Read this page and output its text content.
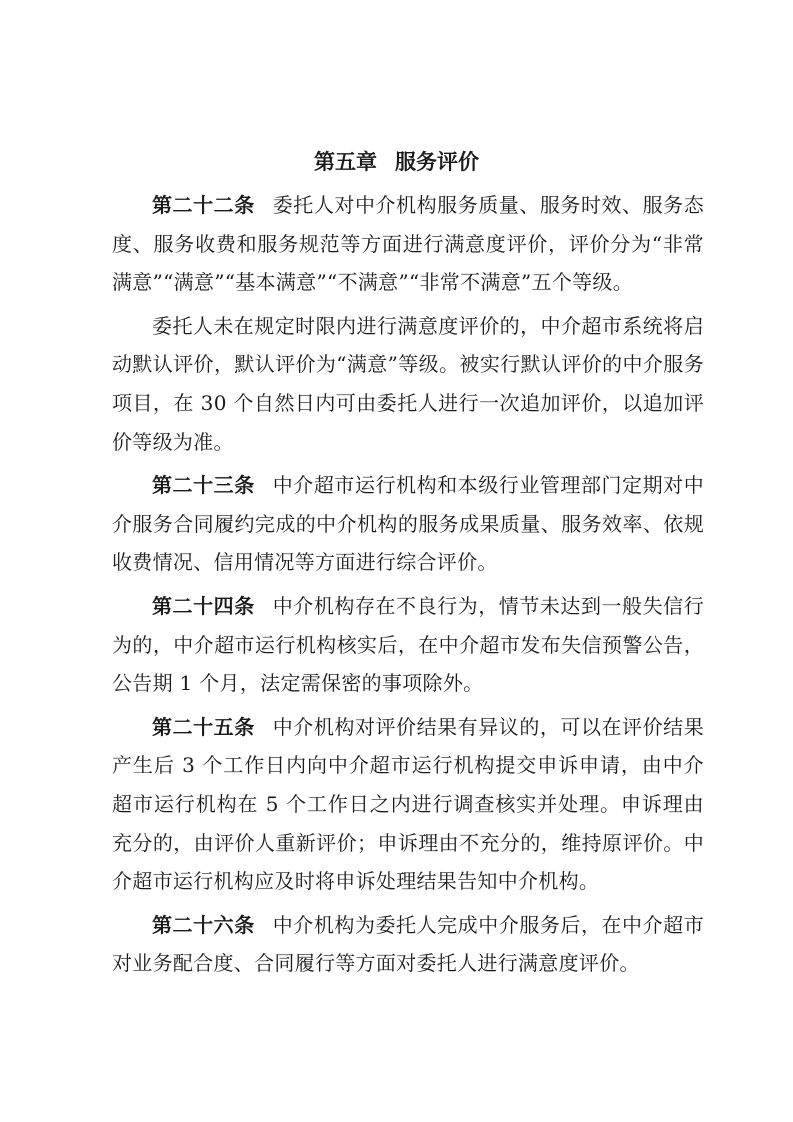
第五章 服务评价

第二十二条 委托人对中介机构服务质量、服务时效、服务态度、服务收费和服务规范等方面进行满意度评价，评价分为“非常满意”“满意”“基本满意”“不满意”“非常不满意”五个等级。

委托人未在规定时限内进行满意度评价的，中介超市系统将启动默认评价，默认评价为“满意”等级。被实行默认评价的中介服务项目，在 30 个自然日内可由委托人进行一次追加评价，以追加评价等级为准。

第二十三条 中介超市运行机构和本级行业管理部门定期对中介服务合同履约完成的中介机构的服务成果质量、服务效率、依规收费情况、信用情况等方面进行综合评价。

第二十四条 中介机构存在不良行为，情节未达到一般失信行为的，中介超市运行机构核实后，在中介超市发布失信预警公告，公告期 1 个月，法定需保密的事项除外。

第二十五条 中介机构对评价结果有异议的，可以在评价结果产生后 3 个工作日内向中介超市运行机构提交申诉申请，由中介超市运行机构在 5 个工作日之内进行调查核实并处理。申诉理由充分的，由评价人重新评价；申诉理由不充分的，维持原评价。中介超市运行机构应及时将申诉处理结果告知中介机构。

第二十六条 中介机构为委托人完成中介服务后，在中介超市对业务配合度、合同履行等方面对委托人进行满意度评价。
